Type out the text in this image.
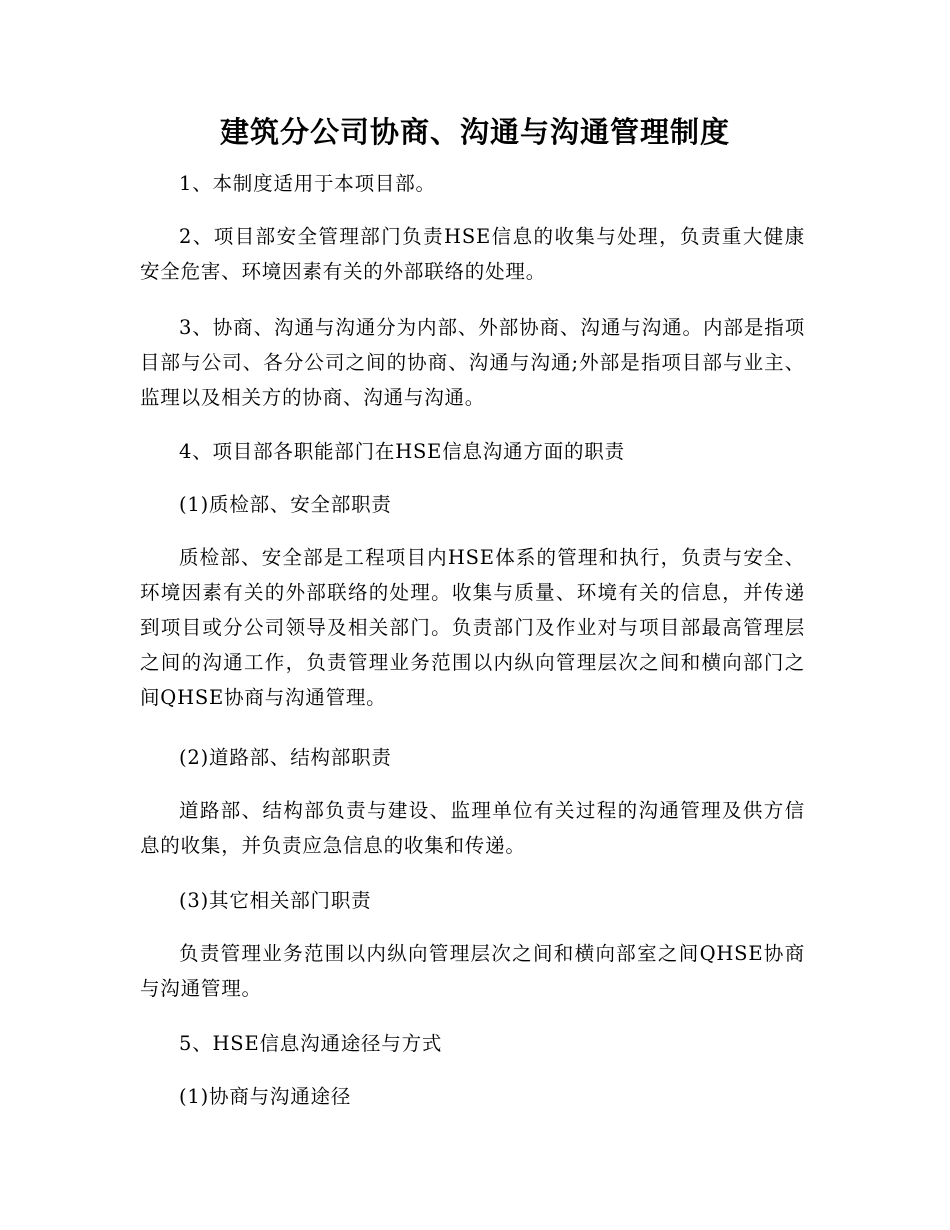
建筑分公司协商、沟通与沟通管理制度

1、本制度适用于本项目部。

2、项目部安全管理部门负责HSE信息的收集与处理，负责重大健康安全危害、环境因素有关的外部联络的处理。

3、协商、沟通与沟通分为内部、外部协商、沟通与沟通。内部是指项目部与公司、各分公司之间的协商、沟通与沟通;外部是指项目部与业主、监理以及相关方的协商、沟通与沟通。

4、项目部各职能部门在HSE信息沟通方面的职责

(1)质检部、安全部职责

质检部、安全部是工程项目内HSE体系的管理和执行，负责与安全、环境因素有关的外部联络的处理。收集与质量、环境有关的信息，并传递到项目或分公司领导及相关部门。负责部门及作业对与项目部最高管理层之间的沟通工作，负责管理业务范围以内纵向管理层次之间和横向部门之间QHSE协商与沟通管理。

(2)道路部、结构部职责

道路部、结构部负责与建设、监理单位有关过程的沟通管理及供方信息的收集，并负责应急信息的收集和传递。

(3)其它相关部门职责

负责管理业务范围以内纵向管理层次之间和横向部室之间QHSE协商与沟通管理。

5、HSE信息沟通途径与方式

(1)协商与沟通途径
